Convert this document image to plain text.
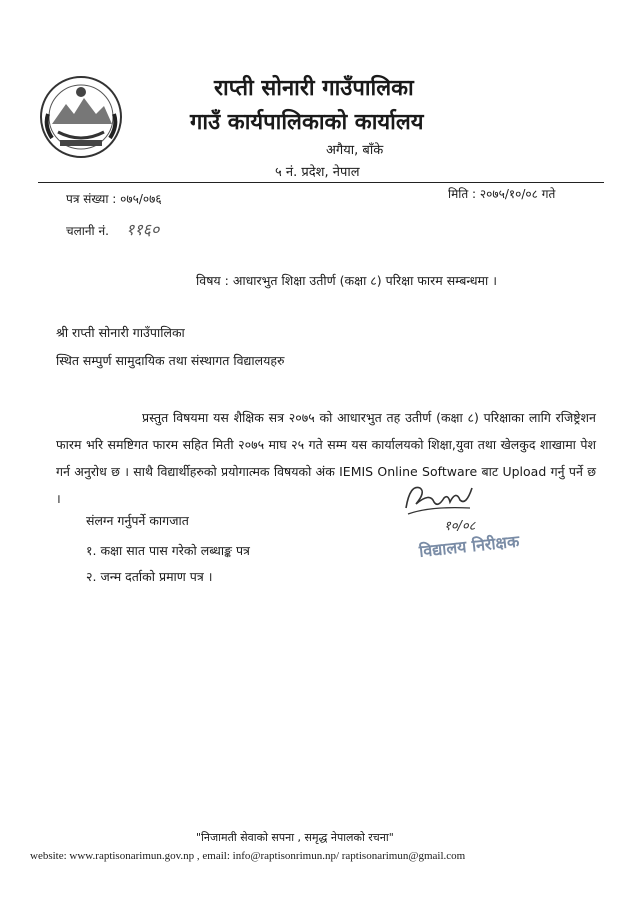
राप्ती सोनारी गाउँपालिका
गाउँ कार्यपालिकाको कार्यालय
अगैया, बाँके
५ नं. प्रदेश, नेपाल
पत्र संख्या : ०७५/०७६	मिति : २०७५/१०/०८ गते
चलानी नं. ११६०
विषय : आधारभुत शिक्षा उतीर्ण (कक्षा ८) परिक्षा फारम सम्बन्धमा ।
श्री राप्ती सोनारी गाउँपालिका
स्थित सम्पुर्ण सामुदायिक तथा संस्थागत विद्यालयहरु
प्रस्तुत विषयमा यस शैक्षिक सत्र २०७५ को आधारभुत तह उतीर्ण (कक्षा ८) परिक्षाका लागि रजिष्ट्रेशन फारम भरि समष्टिगत फारम सहित मिती २०७५ माघ २५ गते सम्म यस कार्यालयको शिक्षा,युवा तथा खेलकुद शाखामा पेश गर्न अनुरोध छ । साथै विद्यार्थीहरुको प्रयोगात्मक विषयको अंक IEMIS Online Software बाट Upload गर्नु पर्ने छ ।
१०/०८
विद्यालय निरीक्षक
संलग्न गर्नुपर्ने कागजात
१. कक्षा सात पास गरेको लब्धाङ्क पत्र
२. जन्म दर्ताको प्रमाण पत्र ।
"निजामती सेवाको सपना , समृद्ध नेपालको रचना"
website: www.raptisonarimun.gov.np , email: info@raptisonrimun.np/ raptisonarimun@gmail.com
